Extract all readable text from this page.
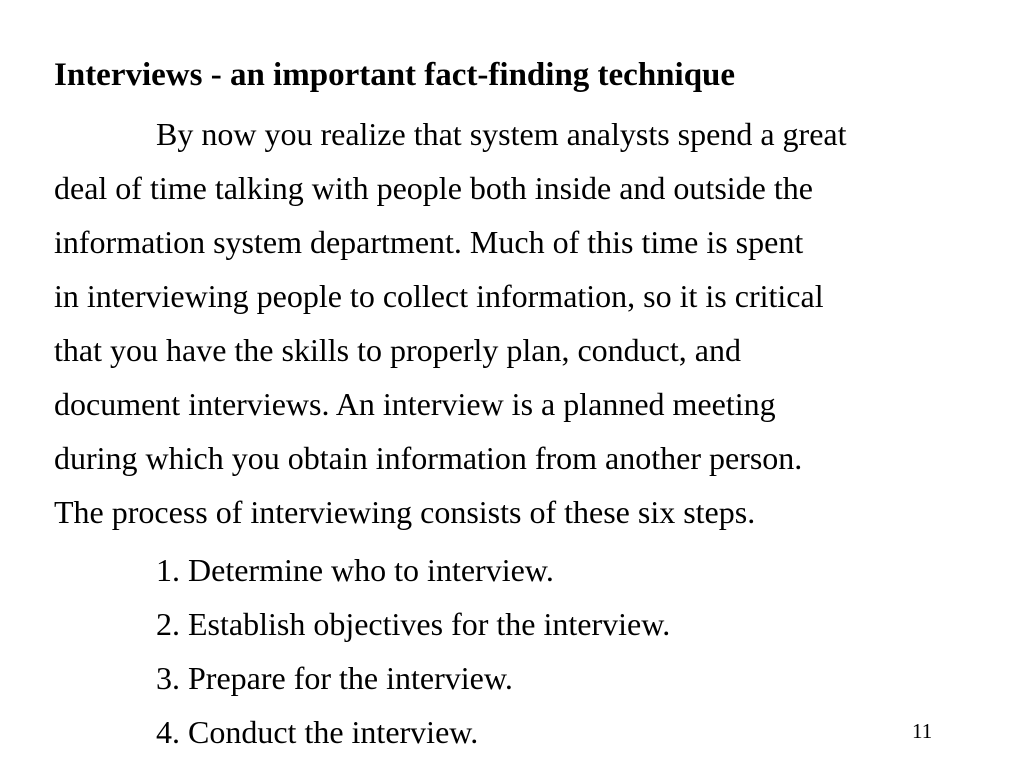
Interviews - an important fact-finding technique
By now you realize that system analysts spend a great
deal of time talking with people both inside and outside the
information system department. Much of this time is spent
in interviewing people to collect information, so it is critical
that you have the skills to properly plan, conduct, and
document interviews. An interview is a planned meeting
during which you obtain information from another person.
The process of interviewing consists of these six steps.
1. Determine who to interview.
2. Establish objectives for the interview.
3. Prepare for the interview.
4. Conduct the interview.	11
